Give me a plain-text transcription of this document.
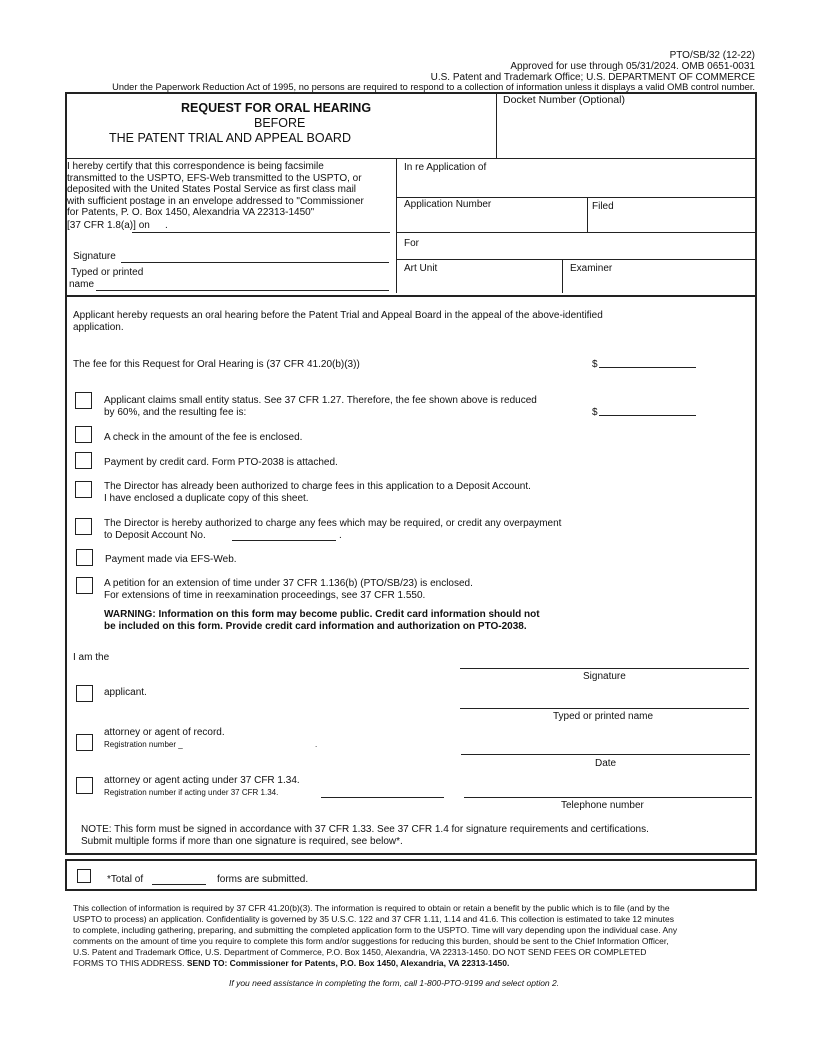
PTO/SB/32 (12-22)
Approved for use through 05/31/2024. OMB 0651-0031
U.S. Patent and Trademark Office; U.S. DEPARTMENT OF COMMERCE
Under the Paperwork Reduction Act of 1995, no persons are required to respond to a collection of information unless it displays a valid OMB control number.
REQUEST FOR ORAL HEARING
BEFORE
THE PATENT TRIAL AND APPEAL BOARD
Docket Number (Optional)
I hereby certify that this correspondence is being facsimile
transmitted to the USPTO, EFS-Web transmitted to the USPTO, or
deposited with the United States Postal Service as first class mail
with sufficient postage in an envelope addressed to "Commissioner
for Patents, P. O. Box 1450, Alexandria VA 22313-1450"
[37 CFR 1.8(a)] on .
Signature
Typed or printed
name
In re Application of
Application Number	Filed
For
Art Unit	Examiner
Applicant hereby requests an oral hearing before the Patent Trial and Appeal Board in the appeal of the above-identified
application.
The fee for this Request for Oral Hearing is (37 CFR 41.20(b)(3))	$
Applicant claims small entity status. See 37 CFR 1.27. Therefore, the fee shown above is reduced
by 60%, and the resulting fee is:	$
A check in the amount of the fee is enclosed.
Payment by credit card. Form PTO-2038 is attached.
The Director has already been authorized to charge fees in this application to a Deposit Account.
I have enclosed a duplicate copy of this sheet.
The Director is hereby authorized to charge any fees which may be required, or credit any overpayment
to Deposit Account No.	.
Payment made via EFS-Web.
A petition for an extension of time under 37 CFR 1.136(b) (PTO/SB/23) is enclosed.
For extensions of time in reexamination proceedings, see 37 CFR 1.550.
WARNING: Information on this form may become public. Credit card information should not
be included on this form. Provide credit card information and authorization on PTO-2038.
I am the
Signature
applicant.
Typed or printed name
attorney or agent of record.
Registration number _	.
Date
attorney or agent acting under 37 CFR 1.34.
Registration number if acting under 37 CFR 1.34.
Telephone number
NOTE: This form must be signed in accordance with 37 CFR 1.33. See 37 CFR 1.4 for signature requirements and certifications.
Submit multiple forms if more than one signature is required, see below*.
*Total of	forms are submitted.
This collection of information is required by 37 CFR 41.20(b)(3). The information is required to obtain or retain a benefit by the public which is to file (and by the
USPTO to process) an application. Confidentiality is governed by 35 U.S.C. 122 and 37 CFR 1.11, 1.14 and 41.6. This collection is estimated to take 12 minutes
to complete, including gathering, preparing, and submitting the completed application form to the USPTO. Time will vary depending upon the individual case. Any
comments on the amount of time you require to complete this form and/or suggestions for reducing this burden, should be sent to the Chief Information Officer,
U.S. Patent and Trademark Office, U.S. Department of Commerce, P.O. Box 1450, Alexandria, VA 22313-1450. DO NOT SEND FEES OR COMPLETED
FORMS TO THIS ADDRESS. SEND TO: Commissioner for Patents, P.O. Box 1450, Alexandria, VA 22313-1450.
If you need assistance in completing the form, call 1-800-PTO-9199 and select option 2.
